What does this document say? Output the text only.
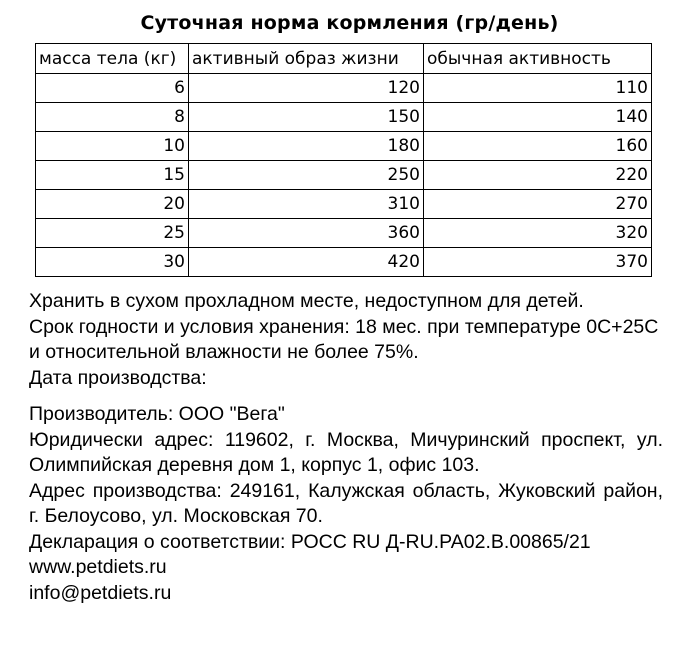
Суточная норма кормления (гр/день)
масса тела (кг)	активный образ жизни	обычная активность
6	120	110
8	150	140
10	180	160
15	250	220
20	310	270
25	360	320
30	420	370

Хранить в сухом прохладном месте, недоступном для детей.

Срок годности и условия хранения: 18 мес. при температуре 0С+25С и относительной влажности не более 75%.

Дата производства:

Производитель: ООО "Вега"

Юридически адрес: 119602, г. Москва, Мичуринский проспект, ул. Олимпийская деревня дом 1, корпус 1, офис 103.

Адрес производства: 249161, Калужская область, Жуковский район, г. Белоусово, ул. Московская 70.

Декларация о соответствии: РОСС RU Д-RU.РА02.В.00865/21

www.petdiets.ru

info@petdiets.ru
